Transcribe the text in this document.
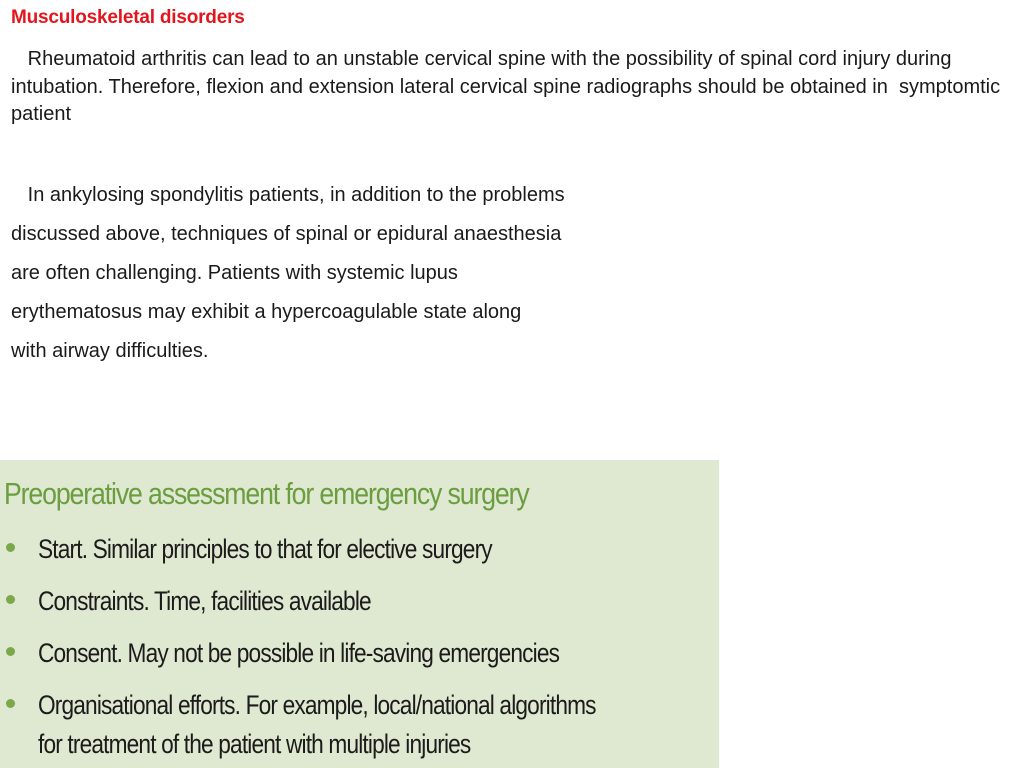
Musculoskeletal disorders
Rheumatoid arthritis can lead to an unstable cervical spine with the possibility of spinal cord injury during intubation. Therefore, flexion and extension lateral cervical spine radiographs should be obtained in  symptomtic patient
In ankylosing spondylitis patients, in addition to the problems
discussed above, techniques of spinal or epidural anaesthesia
are often challenging. Patients with systemic lupus
erythematosus may exhibit a hypercoagulable state along
with airway difficulties.
Preoperative assessment for emergency surgery
Start. Similar principles to that for elective surgery
Constraints. Time, facilities available
Consent. May not be possible in life-saving emergencies
Organisational efforts. For example, local/national algorithms
for treatment of the patient with multiple injuries
